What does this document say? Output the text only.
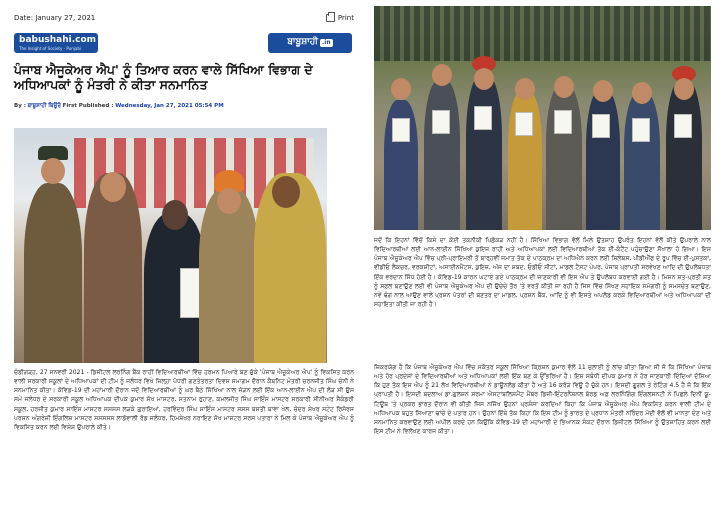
Date: January 27, 2021	Print
babushahi.com
The Insight of Society - Punjabi
ਬਾਬੂਸ਼ਾਹੀ .in
ਪੰਜਾਬ ਐਜੂਕੇਅਰ ਐਪ' ਨੂੰ ਤਿਆਰ ਕਰਨ ਵਾਲੇ ਸਿੱਖਿਆ ਵਿਭਾਗ ਦੇ ਅਧਿਆਪਕਾਂ ਨੂੰ ਮੰਤਰੀ ਨੇ ਕੀਤਾ ਸਨਮਾਨਿਤ
By : ਬਾਬੂਸ਼ਾਹੀ ਬਿਊਰੋ First Published : Wednesday, Jan 27, 2021 05:54 PM
ਚੰਡੀਗੜ੍ਹ, 27 ਜਨਵਰੀ 2021 - ਡਿਜੀਟਲ ਲਰਨਿੰਗ ਬੈਂਕ ਰਾਹੀਂ ਵਿਦਿਆਰਥੀਆਂ ਵਿੱਚ ਹਰਮਨ ਪਿਆਰੇ ਬਣ ਚੁੱਕੇ 'ਪੰਜਾਬ ਐਜੂਕੇਅਰ ਐਪ' ਨੂੰ ਵਿਕਸਿਤ ਕਰਨ ਵਾਲੀ ਸਰਕਾਰੀ ਸਕੂਲਾਂ ਦੇ ਅਧਿਆਪਕਾਂ ਦੀ ਟੀਮ ਨੂੰ ਜਲੰਧਰ ਵਿਖੇ ਜ਼ਿਲ੍ਹਾ ਪੱਧਰੀ ਗਣਤੰਤਰਤਾ ਦਿਵਸ ਸਮਾਗਮ ਦੌਰਾਨ ਕੈਬਨਿਟ ਮੰਤਰੀ ਚਰਨਜੀਤ ਸਿੰਘ ਚੰਨੀ ਨੇ ਸਨਮਾਨਿਤ ਕੀਤਾ। ਕੋਵਿਡ-19 ਦੀ ਮਹਾਂਮਾਰੀ ਦੌਰਾਨ ਜਦੋਂ ਵਿਦਿਆਰਥੀਆਂ ਨੂੰ ਘਰ ਬੈਠੇ ਸਿੱਖਿਆ ਨਾਲ ਜੋੜਨ ਲਈ ਇੱਕ ਆਨ-ਲਾਈਨ ਐਪ ਦੀ ਲੋੜ ਸੀ ਉਸ ਸਮੇਂ ਜਲੰਧਰ ਦੇ ਸਰਕਾਰੀ ਸਕੂਲ ਅਧਿਆਪਕ ਦੀਪਕ ਕੁਮਾਰ ਸੋਖ ਮਾਸਟਰ, ਸਤਨਾਮ ਰੁਹਾਣ, ਕਮਲਜੀਤ ਸਿੰਘ ਸਾਇੰਸ ਮਾਸਟਰ ਸਰਕਾਰੀ ਸੀਨੀਅਰ ਸੈਕੰਡਰੀ ਸਕੂਲ, ਹਰਜੀਤ ਕੁਮਾਰ ਸਾਇੰਸ ਮਾਸਟਰ ਸਸਸਸ ਲੜਕੇ ਗੁਰਾਇਆਂ, ਹਰਵਿੰਦਰ ਸਿੰਘ ਸਾਇੰਸ ਮਾਸਟਰ ਸਸਸ ਬਸਤੀ ਬਾਵਾ ਖੇਲ, ਚੰਦਰ ਸ਼ੇਖਰ ਸਟੇਟ ਰਿਸੋਰਸ ਪਰਸਨ ਅੰਗਰੇਜ਼ੀ ਇੰਗਲਿਸ਼ ਮਾਸਟਰ ਸਸਸਸਸ ਲਾਡੋਵਾਲੀ ਰੋਡ ਜਲੰਧਰ, ਹਿਮਸ਼ੇਖਰ ਨਰਾਇਣ ਸੋਖ ਮਾਸਟਰ ਸਰਸ ਪਤਾਰਾ ਨੇ ਮਿਲ ਕੇ ਪੰਜਾਬ ਐਜੂਕੇਅਰ ਐਪ ਨੂੰ ਵਿਕਸਿਤ ਕਰਨ ਲਈ ਵਿਸ਼ੇਸ਼ ਉਪਰਾਲੇ ਕੀਤੇ।
ਜਦੋਂ ਕਿ ਇਹਨਾਂ ਵਿੱਚੋਂ ਕਿਸੇ ਦਾ ਕੋਈ ਤਕਨੀਕੀ ਪਿਛੋਕੜ ਨਹੀਂ ਹੈ। ਸਿੱਖਿਆ ਵਿਭਾਗ ਵੱਲੋਂ ਮਿਲੇ ਉਤਸ਼ਾਹ ਉਪਰੰਤ ਇਹਨਾਂ ਵੱਲੋਂ ਕੀਤੇ ਉਪਰਾਲੇ ਨਾਲ ਵਿਦਿਆਰਥੀਆਂ ਲਈ ਆਨ-ਲਾਈਨ ਸਿੱਖਿਆ ਕੁਇਜ਼ ਰਾਹੀਂ ਅਤੇ ਅਧਿਆਪਕਾਂ ਲਈ ਵਿਦਿਆਰਥੀਆਂ ਤੱਕ ਈ-ਕੰਟੈਂਟ ਪਹੁੰਚਾਉਣਾ ਸੌਖਾਲਾ ਹੋ ਗਿਆ। ਇਸ ਪੰਜਾਬ ਐਜੂਕੇਅਰ ਐਪ ਵਿੱਚ ਪ੍ਰੀ-ਪ੍ਰਾਇਮਰੀ ਤੋਂ ਬਾਰ੍ਹਵੀਂ ਜਮਾਤ ਤੱਕ ਦੇ ਪਾਠਕ੍ਰਮ ਦਾ ਅਧਿਐਨ ਕਰਨ ਲਈ ਸਿਲੇਬਸ, ਪੀਡੀਐੱਫ ਦੇ ਰੂਪ ਵਿੱਚ ਈ-ਪੁਸਤਕਾਂ, ਵੀਡੀਓ ਲੈਕਚਰ, ਵਰਕਸ਼ੀਟਾਂ, ਅਸਾਈਨਮੈਂਟਸ, ਕੁਇਜ਼, ਅੱਜ ਦਾ ਸ਼ਬਦ, ਓਡੀਓ ਸੀਟਾਂ, ਮਾਡਲ ਟੈਸਟ ਪੇਪਰ, ਪੰਜਾਬ ਪ੍ਰਾਪਤੀ ਸਰਵੇਖਣ ਆਦਿ ਦੀ ਉਪਲੱਬਧਤਾ ਇੱਕ ਵਰਦਾਨ ਸਿੱਧ ਹੋਈ ਹੈ। ਕੋਵਿਡ-19 ਕਾਰਨ ਘਟਾਏ ਗਏ ਪਾਠਕ੍ਰਮ ਦੀ ਜਾਣਕਾਰੀ ਵੀ ਇਸ ਐਪ ਤੇ ਉਪਲੱਬਧ ਕਰਵਾਈ ਗਈ ਹੈ। ਮਿਸ਼ਨ ਸ਼ਤ-ਪ੍ਰਤੀ ਸ਼ਤ ਨੂੰ ਸਫ਼ਲ ਬਣਾਉਣ ਲਈ ਵੀ ਪੰਜਾਬ ਐਜੂਕੇਅਰ ਐਪ ਦੀ ਉਚੇਚੇ ਤੌਰ 'ਤੇ ਵਰਤੋਂ ਕੀਤੀ ਜਾ ਰਹੀ ਹੈ ਜਿਸ ਵਿੱਚ ਸਿੱਖਣ ਸਹਾਇਕ ਸਮੱਗਰੀ ਨੂੰ ਸਮਸਚੇਤ ਬਣਾਉਣ, ਨਵੇਂ ਢੰਗ ਨਾਲ ਆਉਣ ਵਾਲੇ ਪ੍ਰਸ਼ਨ ਪੱਤਰਾਂ ਦੀ ਬਣਤਰ ਦਾ ਮਾਡਲ, ਪ੍ਰਸ਼ਨ ਬੈਂਕ, ਆਦਿ ਨੂੰ ਵੀ ਇਸਤੇ ਅਪਲੋਡ ਕਰਕੇ ਵਿਦਿਆਰਥੀਆਂ ਅਤੇ ਅਧਿਆਪਕਾਂ ਦੀ ਸਹਾਇਤਾ ਕੀਤੀ ਜਾ ਰਹੀ ਹੈ।
ਜ਼ਿਕਰਯੋਗ ਹੈ ਕਿ ਪੰਜਾਬ ਐਜੂਕੇਅਰ ਐਪ ਵਿੱਚ ਸਕੱਤਰ ਸਕੂਲ ਸਿੱਖਿਆ ਕ੍ਰਿਸ਼ਨ ਕੁਮਾਰ ਵੱਲੋਂ 11 ਜੁਲਾਈ ਨੂੰ ਲਾਂਚ ਕੀਤਾ ਗਿਆ ਸੀ ਜੋ ਕਿ ਸਿੱਖਿਆ ਪੰਜਾਬ ਅਤੇ ਹੋਰ ਪ੍ਰਦੇਸ਼ਾਂ ਦੇ ਵਿਦਿਆਰਥੀਆਂ ਅਤੇ ਅਧਿਆਪਕਾਂ ਲਈ ਇੱਕ ਬਣ ਕੇ ਉੱਭਰਿਆ ਹੈ। ਇਸ ਸਬੰਧੀ ਦੀਪਕ ਕੁਮਾਰ ਨੇ ਹੋਰ ਜਾਣਕਾਰੀ ਦਿੰਦਿਆਂ ਦੱਸਿਆ ਕਿ ਹੁਣ ਤੱਕ ਇਸ ਐਪ ਨੂੰ 21 ਲੱਖ ਵਿਦਿਆਰਥੀਆਂ ਨੇ ਡਾਊਨਲੋਡ ਕੀਤਾ ਹੈ ਅਤੇ 16 ਕਰੋੜ ਵਿਊ ਹੋ ਚੁੱਕੇ ਹਨ। ਇਸਦੀ ਗੂਗਲ ਤੇ ਰੇਟਿੰਗ 4.5 ਹੈ ਜੋ ਕਿ ਇੱਕ ਪ੍ਰਾਪਤੀ ਹੈ। ਇਸਦੀ ਬਦਲਾਅ ਡਾ.ਗੁਲਸ਼ਨ ਸਰਮਾ ਐਸਟਾਬਲਿਸ਼ਮੈਂਟ ਮੈਂਬਰ ਡਿਜੀ-ਇੰਟਰਨੈਸ਼ਨਲ ਬੋਰਡ ਅਫ਼ ਲਰਨਿੰਗਿੰਗ ਇੰਗਲਸਨਟੀ ਨੇ ਪਿਛਲੇ ਦਿਨੀਂ ਯੂ-ਟਿਊਬ 'ਤੇ ਪ੍ਰਕਰ ਭਾਰਤ ਦੌਰਾਨ ਵੀ ਕੀਤੀ ਜਿਸ ਨਜ਼ਿੱਖ ਉਹਨਾਂ ਪ੍ਰਸ਼ੰਸਾ ਕਰਦਿਆਂ ਕਿਹਾ ਕਿ ਪੰਜਾਬ ਐਜੂਕੇਅਰ ਐਪ ਵਿਕਸਿਤ ਕਰਨ ਵਾਲੀ ਟੀਮ ਦੇ ਅਧਿਆਪਕ ਬਹੁਤ ਸਿਆਣਾ ਢਾਂਚੇ ਦੇ ਪਤਾਰ ਹਨ। ਉਹਨਾਂ ਇੱਥੇ ਤੱਕ ਕਿਹਾ ਕਿ ਇਸ ਟੀਮ ਨੂੰ ਭਾਰਤ ਦੇ ਪ੍ਰਧਾਨ ਮੰਤਰੀ ਨਰਿੰਦਰ ਮੋਦੀ ਵੱਲੋਂ ਵੀ ਮਾਨਤਾ ਦੇਣ ਅਤੇ ਸਨਮਾਨਿਤ ਕਰਵਾਉਣ ਲਈ ਅਪੀਲ ਕਰਦੇ ਹਨ ਕਿਉਂਕਿ ਕੋਵਿਡ-19 ਦੀ ਮਹਾਂਮਾਰੀ ਦੇ ਭਿਆਨਕ ਸੰਕਟ ਦੌਰਾਨ ਡਿਜੀਟਲ ਸਿੱਖਿਆ ਨੂੰ ਉਤਸ਼ਾਹਿਤ ਕਰਨ ਲਈ ਇਸ ਟੀਮ ਨੇ ਵਿਲੱਖਣ ਕਾਰਜ ਕੀਤਾ।
